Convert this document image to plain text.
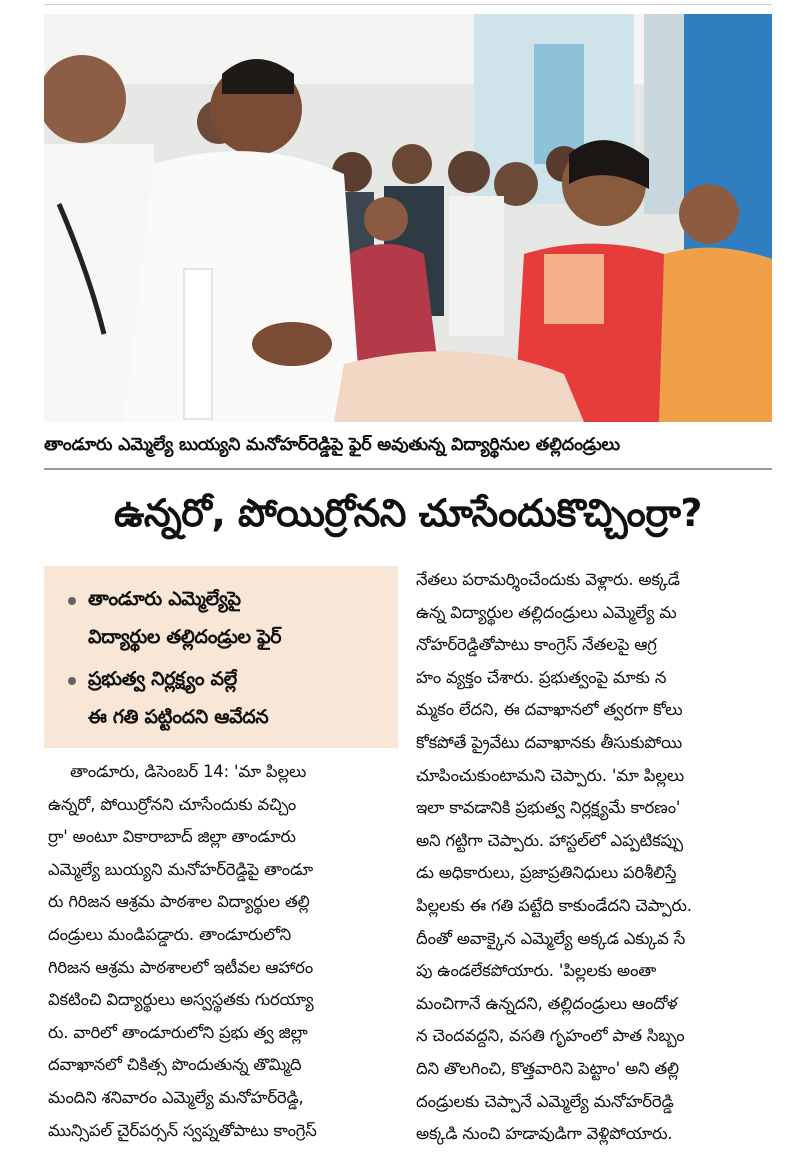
తాండూరు ఎమ్మెల్యే బుయ్యని మనోహర్‌రెడ్డిపై ఫైర్ అవుతున్న విద్యార్థినుల తల్లిదండ్రులు
ఉన్నరో, పోయిర్రోనని చూసేందుకొచ్చింర్రా?
తాండూరు ఎమ్మెల్యేపై
విద్యార్థుల తల్లిదండ్రుల ఫైర్
ప్రభుత్వ నిర్లక్ష్యం వల్లే
ఈ గతి పట్టిందని ఆవేదన
తాండూరు, డిసెంబర్ 14: 'మా పిల్లలు
ఉన్నరో, పోయిర్రోనని చూసేందుకు వచ్చిం
ర్రా' అంటూ వికారాబాద్ జిల్లా తాండూరు
ఎమ్మెల్యే బుయ్యని మనోహర్‌రెడ్డిపై తాండూ
రు గిరిజన ఆశ్రమ పాఠశాల విద్యార్థుల తల్లి
దండ్రులు మండిపడ్డారు. తాండూరులోని
గిరిజన ఆశ్రమ పాఠశాలలో ఇటీవల ఆహారం
వికటించి విద్యార్థులు అస్వస్థతకు గురయ్యా
రు. వారిలో తాండూరులోని ప్రభు త్వ జిల్లా
దవాఖానలో చికిత్స పొందుతున్న తొమ్మిది
మందిని శనివారం ఎమ్మెల్యే మనోహర్‌రెడ్డి,
మున్సిపల్ చైర్‌పర్సన్ స్వప్నతోపాటు కాంగ్రెస్
నేతలు పరామర్శించేందుకు వెళ్లారు. అక్కడే
ఉన్న విద్యార్థుల తల్లిదండ్రులు ఎమ్మెల్యే మ
నోహర్‌రెడ్డితోపాటు కాంగ్రెస్ నేతలపై ఆగ్ర
హం వ్యక్తం చేశారు. ప్రభుత్వంపై మాకు న
మ్మకం లేదని, ఈ దవాఖానలో త్వరగా కోలు
కోకపోతే ప్రైవేటు దవాఖానకు తీసుకుపోయి
చూపించుకుంటామని చెప్పారు. 'మా పిల్లలు
ఇలా కావడానికి ప్రభుత్వ నిర్లక్ష్యమే కారణం'
అని గట్టిగా చెప్పారు. హాస్టల్‌లో ఎప్పటికప్పు
డు అధికారులు, ప్రజాప్రతినిధులు పరిశీలిస్తే
పిల్లలకు ఈ గతి పట్టేది కాకుండేదని చెప్పారు.
దీంతో అవాక్కైన ఎమ్మెల్యే అక్కడ ఎక్కువ సే
పు ఉండలేకపోయారు. 'పిల్లలకు అంతా
మంచిగానే ఉన్నదని, తల్లిదండ్రులు ఆందోళ
న చెందవద్దని, వసతి గృహంలో పాత సిబ్బం
దిని తొలగించి, కొత్తవారిని పెట్టాం' అని తల్లి
దండ్రులకు చెప్పానే ఎమ్మెల్యే మనోహర్‌రెడ్డి
అక్కడి నుంచి హడావుడిగా వెళ్లిపోయారు.
